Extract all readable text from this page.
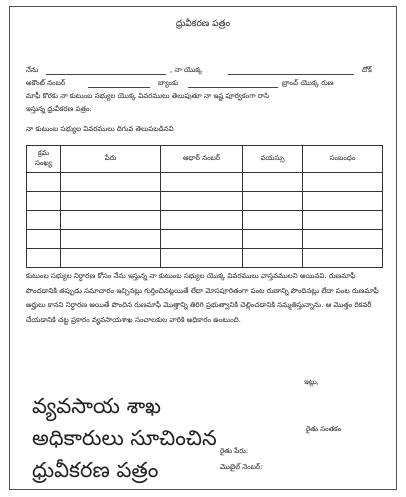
ధ్రువీకరణ పత్రం
నేను	, నా యొక్క	దోక్
అకౌంట్ నంబర్	బ్యాంకు	బ్రాంచ్ యొక్క రుణ
మాఫీ కొరకు నా కుటుంబ సభ్యుల యొక్క వివరములు తెలుపుతూ నా ఇష్ట పూర్వకంగా రాసి
ఇస్తున్న ధ్రువీకరణ పత్రం.
నా కుటుంబ సభ్యుల వివరములు దిగువ తెలుపబడినవి
క్రమ సంఖ్య	పేరు	ఆధార్ నంబర్	వయస్సు	సంబంధం

కుటుంబ సభ్యుల నిర్ధారణ కోసం నేను ఇస్తున్న నా కుటుంబ సభ్యుల యొక్క వివరములు వాస్తవములని అయినవి. రుణమాఫీ పొందడానికి తప్పుడు సమాచారం ఇచ్చినట్లు గుర్తించినట్లయితే లేదా మోసపూరితంగా పంట రుణాన్ని పొందినట్లు లేదా పంట రుణమాఫీ అర్హులు కానని నిర్ధారణ అయితే పొందిన రుణమాఫీ మొత్తాన్ని తిరిగి ప్రభుత్వానికి చెల్లించడానికి సమ్మతిస్తున్నాను. ఆ మొత్తం రికవరీ చేయడానికి చట్ట ప్రకారం వ్యవసాయశాఖ సంచాలకుల వారికి అధికారం ఉంటుంది.
ఇట్లు,
వ్యవసాయ శాఖ
అధికారులు సూచించిన
ధ్రువీకరణ పత్రం
రైతు సంతకం
రైతు పేరు:
మొబైల్ నెంబర్:
